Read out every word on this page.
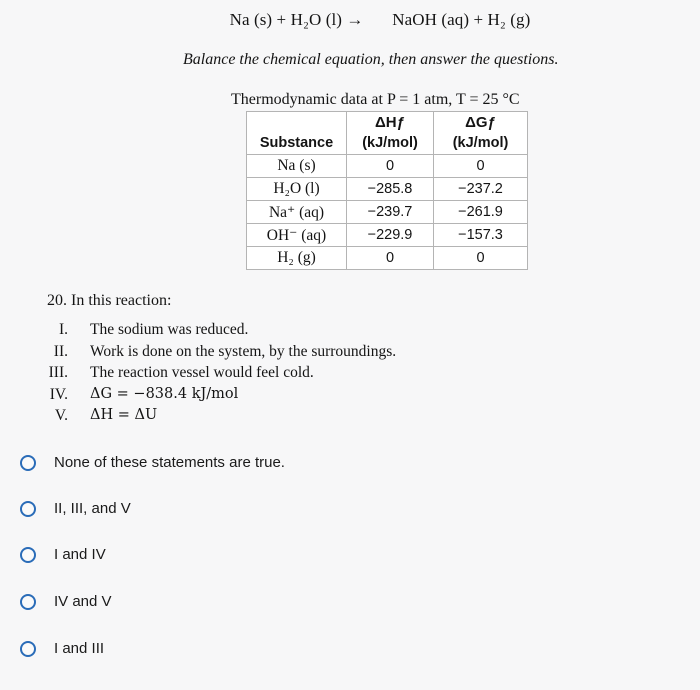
Na (s) + H₂O (l) → NaOH (aq) + H₂ (g)
Balance the chemical equation, then answer the questions.
Thermodynamic data at P = 1 atm, T = 25 °C
	ΔHƒ	ΔGƒ
Substance	(kJ/mol)	(kJ/mol)
Na (s)	0	0
H₂O (l)	−285.8	−237.2
Na⁺ (aq)	−239.7	−261.9
OH⁻ (aq)	−229.9	−157.3
H₂ (g)	0	0
20. In this reaction:
I. The sodium was reduced.
II. Work is done on the system, by the surroundings.
III. The reaction vessel would feel cold.
IV. ΔG = −838.4 kJ/mol
V. ΔH = ΔU
None of these statements are true.
II, III, and V
I and IV
IV and V
I and III
